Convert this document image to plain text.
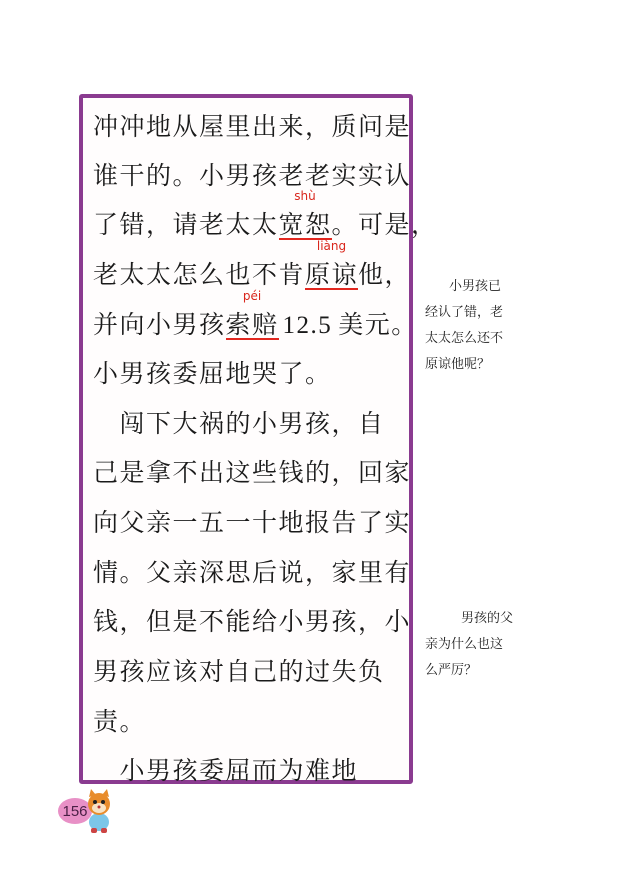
冲冲地从屋里出来，质问是
谁干的。小男孩老老实实认
了错，请老太太
shù
宽恕。可是，
老太太怎么也不肯
liàng
原谅他，
并向小男孩
péi
索赔 12.5 美元。
小男孩委屈地哭了。
　闯下大祸的小男孩，自
己是拿不出这些钱的，回家
向父亲一五一十地报告了实
情。父亲深思后说，家里有
钱，但是不能给小男孩，小
男孩应该对自己的过失负
责。
　小男孩委屈而为难地
小男孩已
经认了错，老
太太怎么还不
原谅他呢？
男孩的父
亲为什么也这
么严厉？
156
